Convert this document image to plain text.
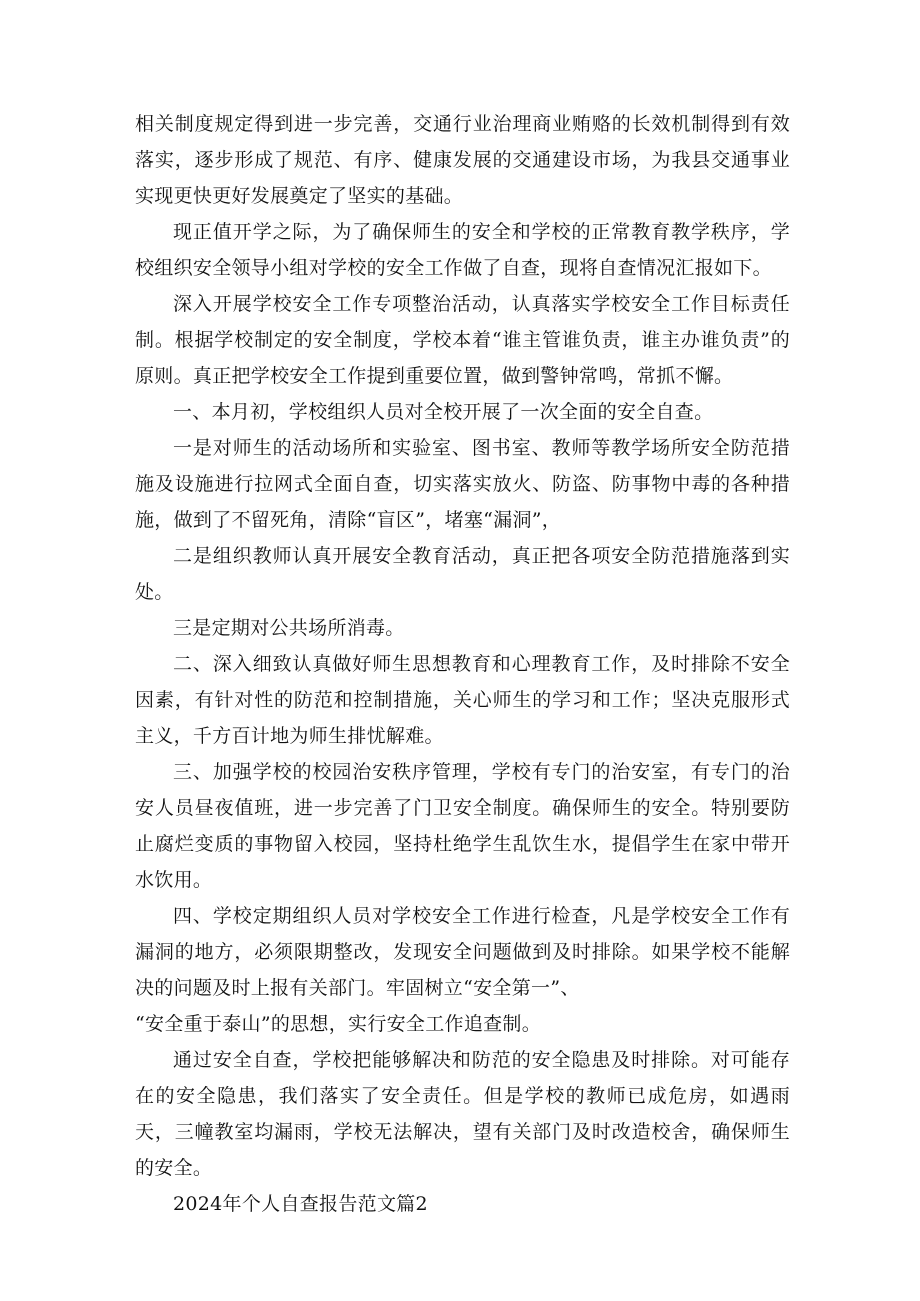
相关制度规定得到进一步完善，交通行业治理商业贿赂的长效机制得到有效落实，逐步形成了规范、有序、健康发展的交通建设市场，为我县交通事业实现更快更好发展奠定了坚实的基础。

现正值开学之际，为了确保师生的安全和学校的正常教育教学秩序，学校组织安全领导小组对学校的安全工作做了自查，现将自查情况汇报如下。

深入开展学校安全工作专项整治活动，认真落实学校安全工作目标责任制。根据学校制定的安全制度，学校本着“谁主管谁负责，谁主办谁负责”的原则。真正把学校安全工作提到重要位置，做到警钟常鸣，常抓不懈。

一、本月初，学校组织人员对全校开展了一次全面的安全自查。

一是对师生的活动场所和实验室、图书室、教师等教学场所安全防范措施及设施进行拉网式全面自查，切实落实放火、防盗、防事物中毒的各种措施，做到了不留死角，清除“盲区”，堵塞“漏洞”，

二是组织教师认真开展安全教育活动，真正把各项安全防范措施落到实处。

三是定期对公共场所消毒。

二、深入细致认真做好师生思想教育和心理教育工作，及时排除不安全因素，有针对性的防范和控制措施，关心师生的学习和工作；坚决克服形式主义，千方百计地为师生排忧解难。

三、加强学校的校园治安秩序管理，学校有专门的治安室，有专门的治安人员昼夜值班，进一步完善了门卫安全制度。确保师生的安全。特别要防止腐烂变质的事物留入校园，坚持杜绝学生乱饮生水，提倡学生在家中带开水饮用。

四、学校定期组织人员对学校安全工作进行检查，凡是学校安全工作有漏洞的地方，必须限期整改，发现安全问题做到及时排除。如果学校不能解决的问题及时上报有关部门。牢固树立“安全第一”、

“安全重于泰山”的思想，实行安全工作追查制。

通过安全自查，学校把能够解决和防范的安全隐患及时排除。对可能存在的安全隐患，我们落实了安全责任。但是学校的教师已成危房，如遇雨天，三幢教室均漏雨，学校无法解决，望有关部门及时改造校舍，确保师生的安全。

2024年个人自查报告范文篇2
